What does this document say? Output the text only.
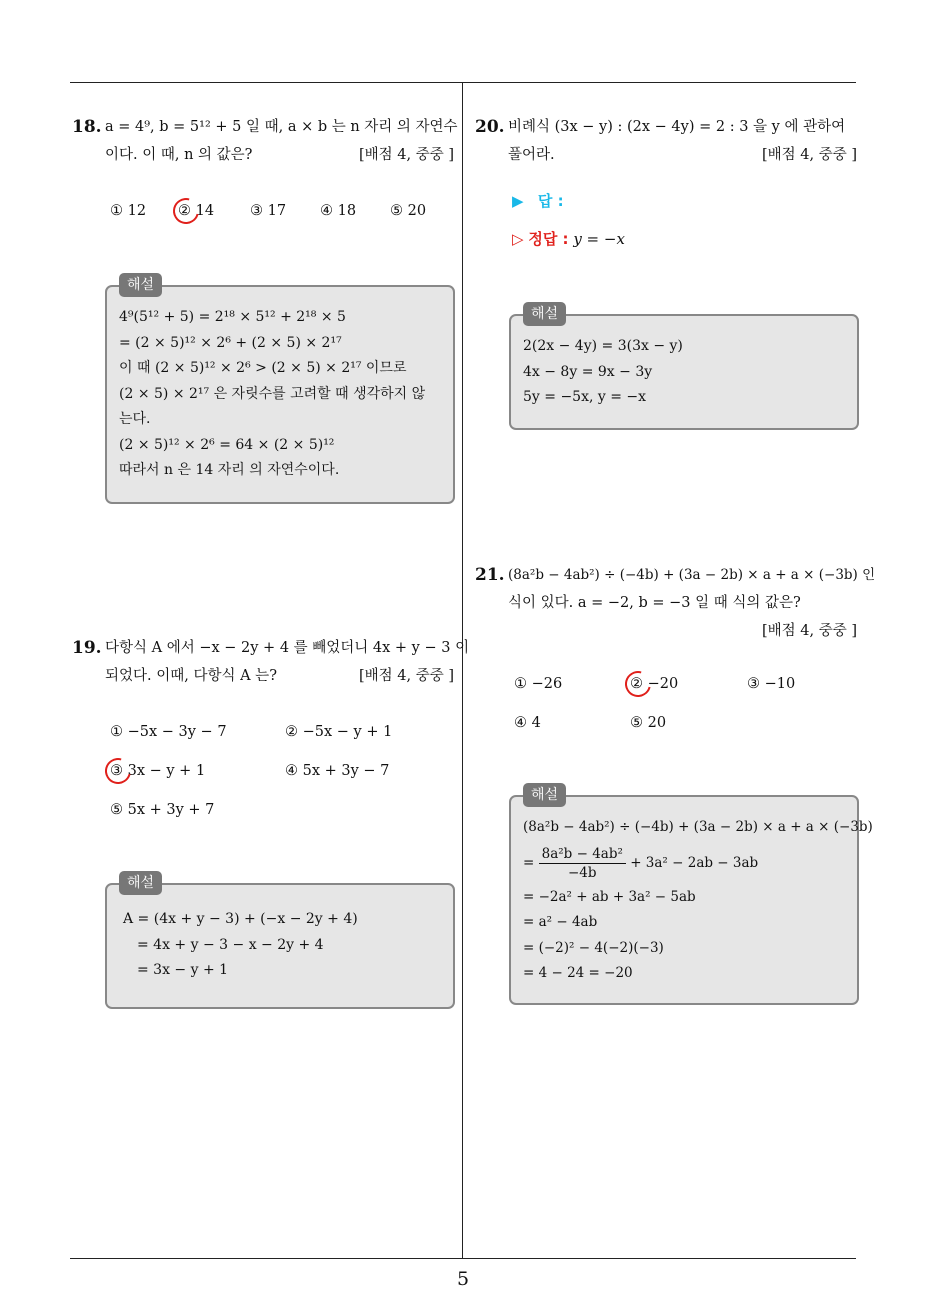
5
18. a = 4⁹, b = 5¹² + 5 일 때, a × b 는 n 자리 의 자연수
이다. 이 때, n 의 값은?	[배점 4, 중중 ]
① 12 ② 14 ③ 17 ④ 18 ⑤ 20
해설
4⁹(5¹² + 5) = 2¹⁸ × 5¹² + 2¹⁸ × 5
= (2 × 5)¹² × 2⁶ + (2 × 5) × 2¹⁷
이 때 (2 × 5)¹² × 2⁶ > (2 × 5) × 2¹⁷ 이므로
(2 × 5) × 2¹⁷ 은 자릿수를 고려할 때 생각하지 않
는다.
(2 × 5)¹² × 2⁶ = 64 × (2 × 5)¹²
따라서 n 은 14 자리 의 자연수이다.
19. 다항식 A 에서 −x − 2y + 4 를 빼었더니 4x + y − 3 이
되었다. 이때, 다항식 A 는?	[배점 4, 중중 ]
① −5x − 3y − 7	② −5x − y + 1
③ 3x − y + 1	④ 5x + 3y − 7
⑤ 5x + 3y + 7
해설
A = (4x + y − 3) + (−x − 2y + 4)
= 4x + y − 3 − x − 2y + 4
= 3x − y + 1
20. 비례식 (3x − y) : (2x − 4y) = 2 : 3 을 y 에 관하여
풀어라.	[배점 4, 중중 ]
▶ 답 :
▷ 정답 : y = −x
해설
2(2x − 4y) = 3(3x − y)
4x − 8y = 9x − 3y
5y = −5x, y = −x
21. (8a²b − 4ab²) ÷ (−4b) + (3a − 2b) × a + a × (−3b) 인
식이 있다. a = −2, b = −3 일 때 식의 값은?
[배점 4, 중중 ]
① −26	② −20	③ −10
④ 4	⑤ 20
해설
(8a²b − 4ab²) ÷ (−4b) + (3a − 2b) × a + a × (−3b)
= $\frac{\text{8a²b − 4ab²}}{-4b} + 3a^2 - 2ab - 3ab$
= −2a² + ab + 3a² − 5ab
= a² − 4ab
= (−2)² − 4(−2)(−3)
= 4 − 24 = −20
